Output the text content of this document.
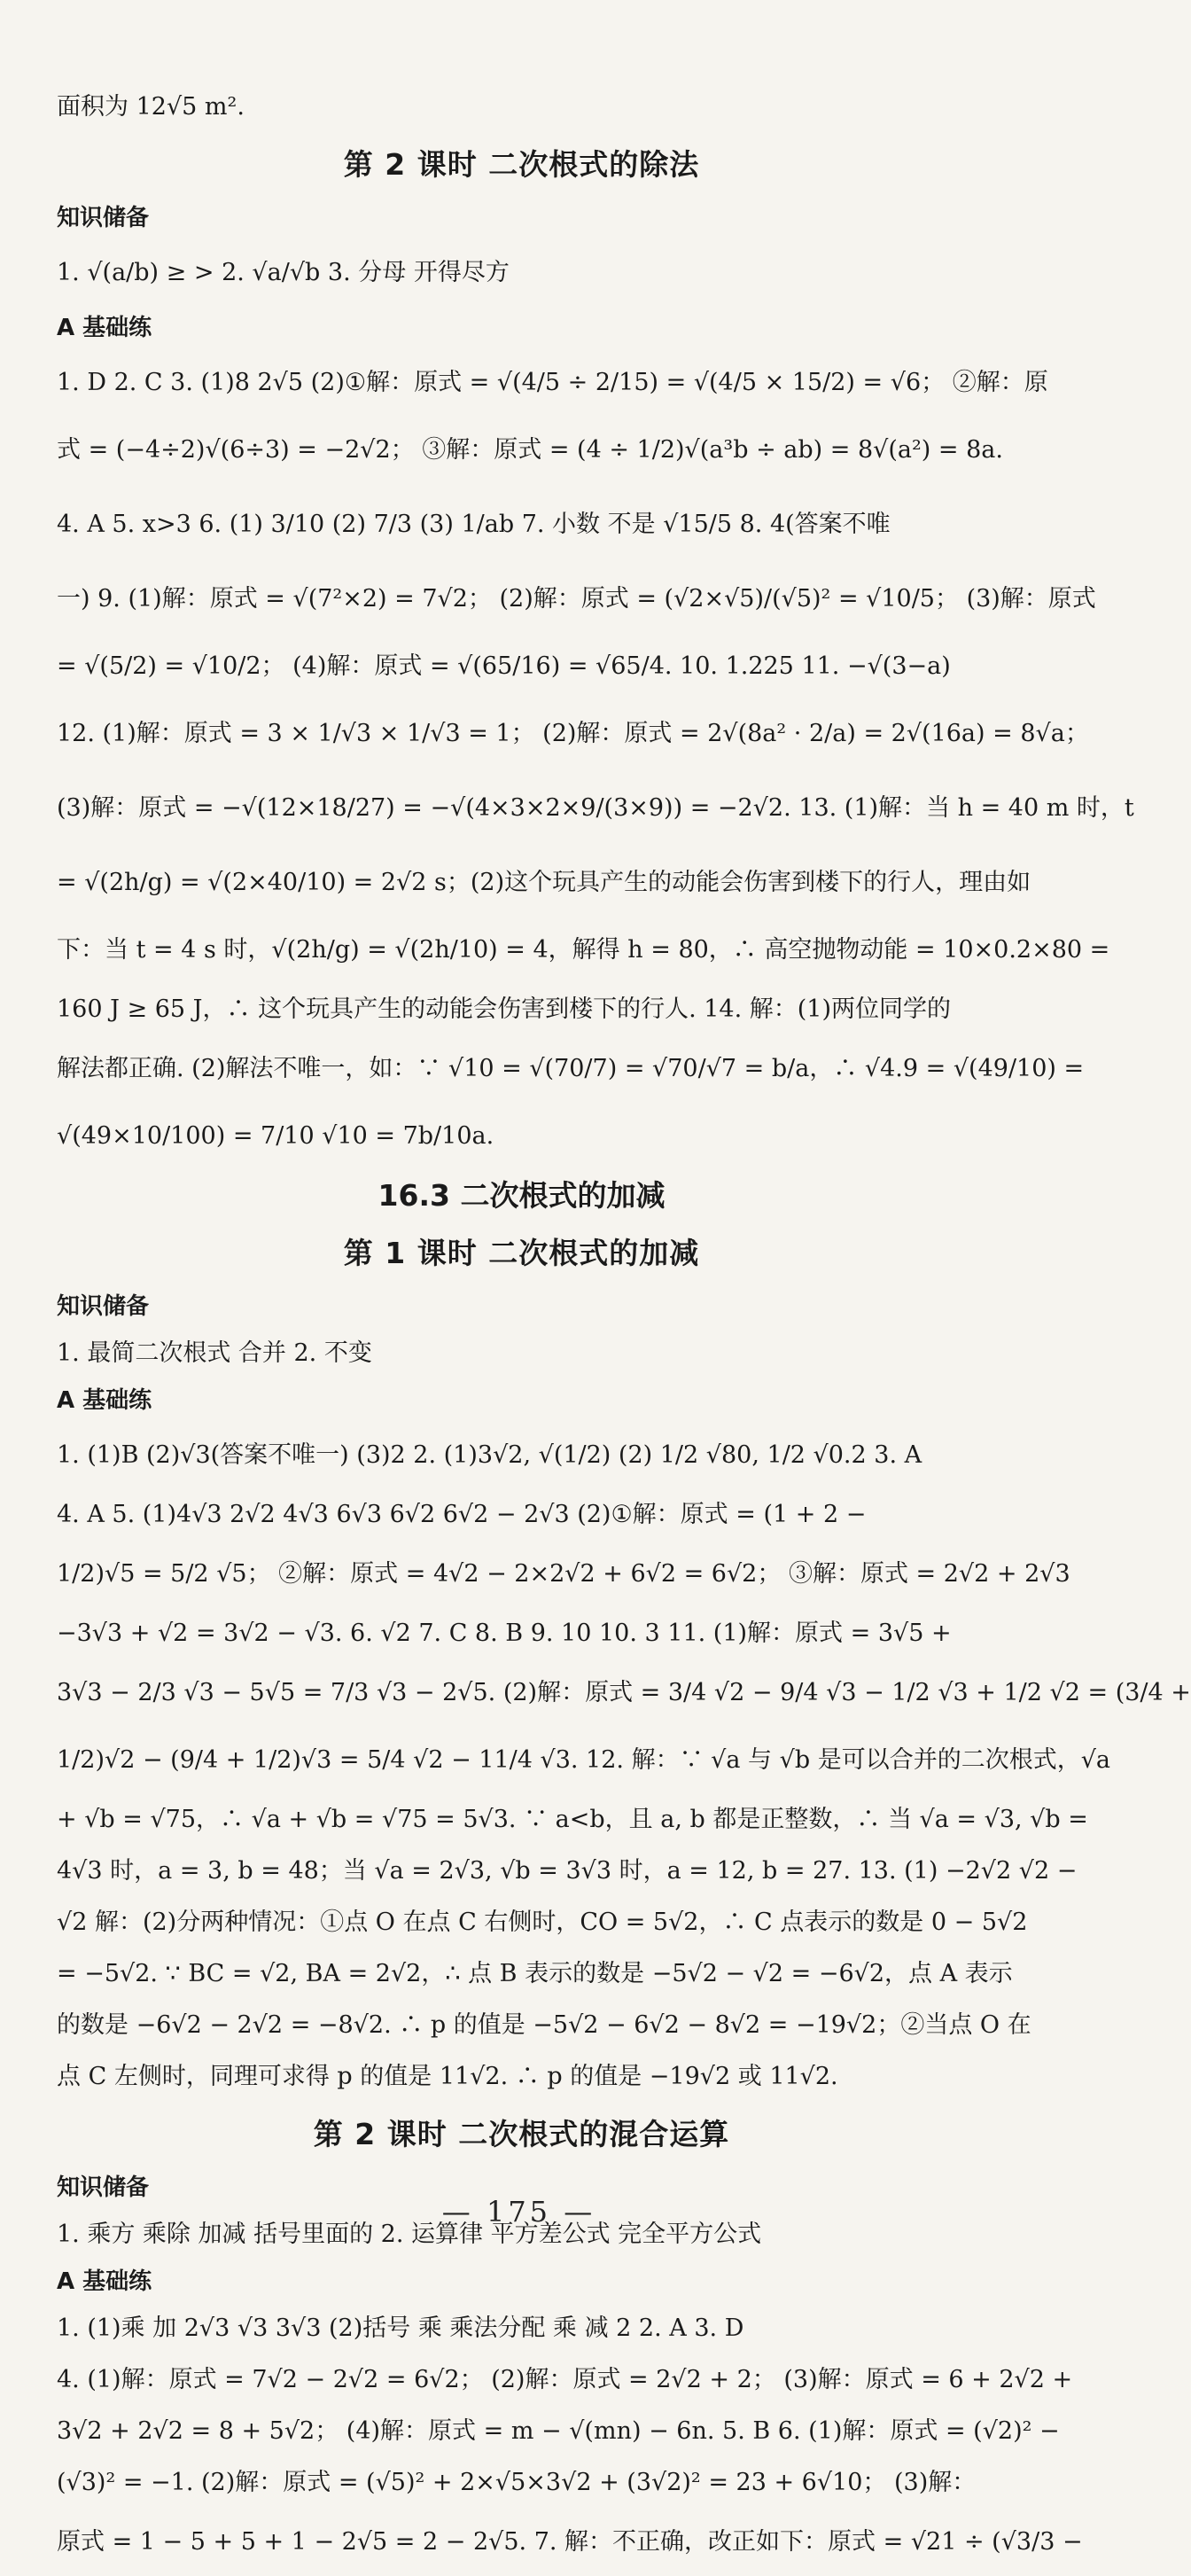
面积为 12√5 m².
第 2 课时 二次根式的除法
知识储备
1. √(a/b) ≥ > 2. √a/√b 3. 分母 开得尽方
A 基础练
1. D 2. C 3. (1)8 2√5 (2)①解：原式 = √(4/5 ÷ 2/15) = √(4/5 × 15/2) = √6； ②解：原
式 = (−4÷2)√(6÷3) = −2√2； ③解：原式 = (4 ÷ 1/2)√(a³b ÷ ab) = 8√(a²) = 8a.
4. A 5. x>3 6. (1) 3/10 (2) 7/3 (3) 1/ab 7. 小数 不是 √15/5 8. 4(答案不唯
一) 9. (1)解：原式 = √(7²×2) = 7√2； (2)解：原式 = (√2×√5)/(√5)² = √10/5； (3)解：原式
= √(5/2) = √10/2； (4)解：原式 = √(65/16) = √65/4. 10. 1.225 11. −√(3−a)
12. (1)解：原式 = 3 × 1/√3 × 1/√3 = 1； (2)解：原式 = 2√(8a² · 2/a) = 2√(16a) = 8√a；
(3)解：原式 = −√(12×18/27) = −√(4×3×2×9/(3×9)) = −2√2. 13. (1)解：当 h = 40 m 时，t
= √(2h/g) = √(2×40/10) = 2√2 s；(2)这个玩具产生的动能会伤害到楼下的行人，理由如
下：当 t = 4 s 时，√(2h/g) = √(2h/10) = 4，解得 h = 80，∴ 高空抛物动能 = 10×0.2×80 =
160 J ≥ 65 J，∴ 这个玩具产生的动能会伤害到楼下的行人. 14. 解：(1)两位同学的
解法都正确. (2)解法不唯一，如：∵ √10 = √(70/7) = √70/√7 = b/a，∴ √4.9 = √(49/10) =
√(49×10/100) = 7/10 √10 = 7b/10a.
16.3 二次根式的加减
第 1 课时 二次根式的加减
知识储备
1. 最简二次根式 合并 2. 不变
A 基础练
1. (1)B (2)√3(答案不唯一) (3)2 2. (1)3√2, √(1/2) (2) 1/2 √80, 1/2 √0.2 3. A
4. A 5. (1)4√3 2√2 4√3 6√3 6√2 6√2 − 2√3 (2)①解：原式 = (1 + 2 −
1/2)√5 = 5/2 √5； ②解：原式 = 4√2 − 2×2√2 + 6√2 = 6√2； ③解：原式 = 2√2 + 2√3
−3√3 + √2 = 3√2 − √3. 6. √2 7. C 8. B 9. 10 10. 3 11. (1)解：原式 = 3√5 +
3√3 − 2/3 √3 − 5√5 = 7/3 √3 − 2√5. (2)解：原式 = 3/4 √2 − 9/4 √3 − 1/2 √3 + 1/2 √2 = (3/4 +
1/2)√2 − (9/4 + 1/2)√3 = 5/4 √2 − 11/4 √3. 12. 解：∵ √a 与 √b 是可以合并的二次根式，√a
+ √b = √75，∴ √a + √b = √75 = 5√3. ∵ a<b，且 a, b 都是正整数，∴ 当 √a = √3, √b =
4√3 时，a = 3, b = 48；当 √a = 2√3, √b = 3√3 时，a = 12, b = 27. 13. (1) −2√2 √2 −
√2 解：(2)分两种情况：①点 O 在点 C 右侧时，CO = 5√2，∴ C 点表示的数是 0 − 5√2
= −5√2. ∵ BC = √2, BA = 2√2，∴ 点 B 表示的数是 −5√2 − √2 = −6√2，点 A 表示
的数是 −6√2 − 2√2 = −8√2. ∴ p 的值是 −5√2 − 6√2 − 8√2 = −19√2；②当点 O 在
点 C 左侧时，同理可求得 p 的值是 11√2. ∴ p 的值是 −19√2 或 11√2.
第 2 课时 二次根式的混合运算
知识储备
1. 乘方 乘除 加减 括号里面的 2. 运算律 平方差公式 完全平方公式
A 基础练
1. (1)乘 加 2√3 √3 3√3 (2)括号 乘 乘法分配 乘 减 2 2. A 3. D
4. (1)解：原式 = 7√2 − 2√2 = 6√2； (2)解：原式 = 2√2 + 2； (3)解：原式 = 6 + 2√2 +
3√2 + 2√2 = 8 + 5√2； (4)解：原式 = m − √(mn) − 6n. 5. B 6. (1)解：原式 = (√2)² −
(√3)² = −1. (2)解：原式 = (√5)² + 2×√5×3√2 + (3√2)² = 23 + 6√10； (3)解：
原式 = 1 − 5 + 5 + 1 − 2√5 = 2 − 2√5. 7. 解：不正确，改正如下：原式 = √21 ÷ (√3/3 −
— 175 —
